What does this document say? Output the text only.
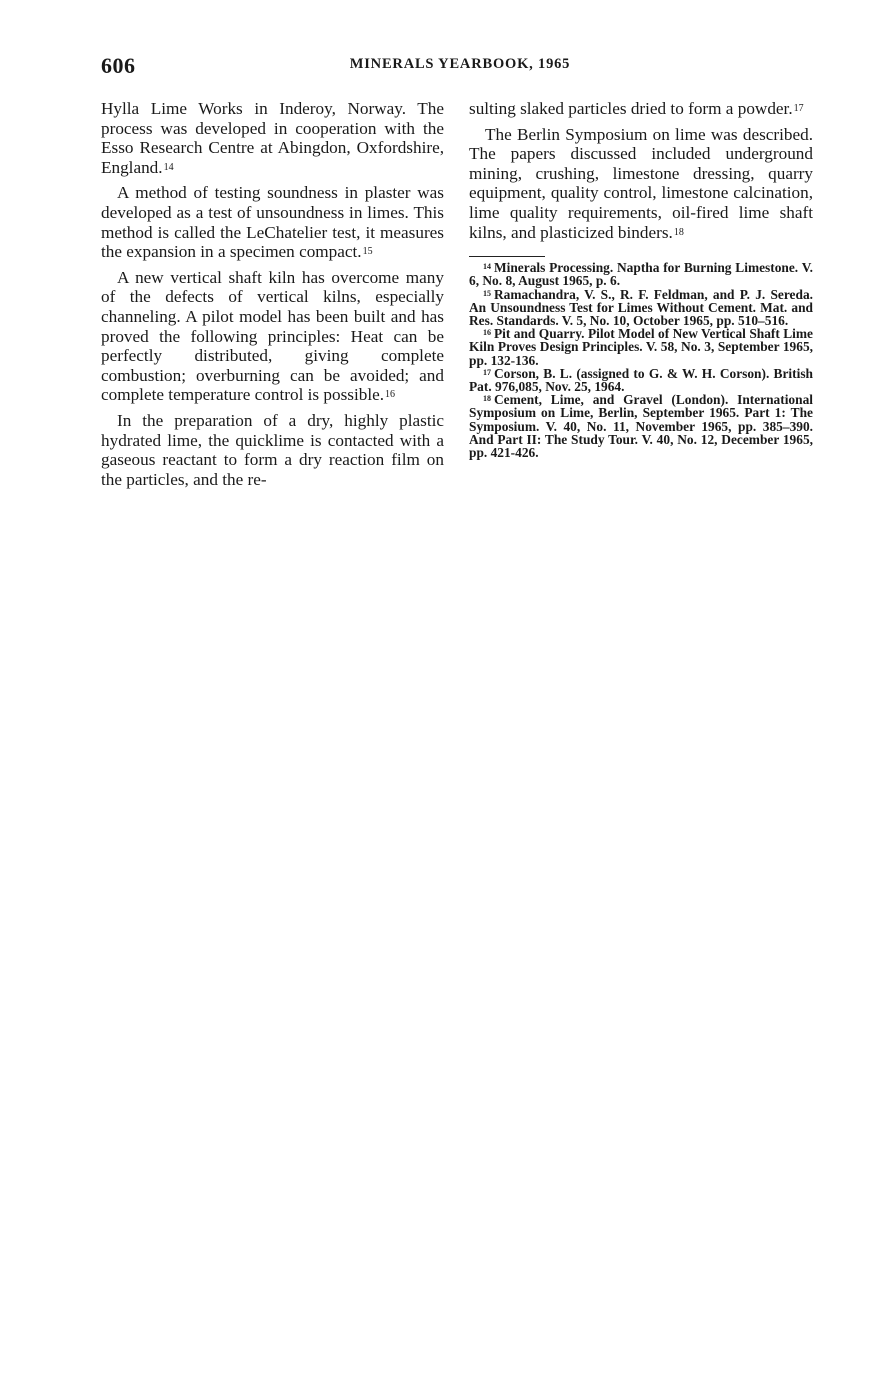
606	MINERALS YEARBOOK, 1965

Hylla Lime Works in Inderoy, Norway. The process was developed in cooperation with the Esso Research Centre at Abingdon, Oxfordshire, England.$^{14}$

A method of testing soundness in plaster was developed as a test of unsoundness in limes. This method is called the LeChatelier test, it measures the expansion in a specimen compact.$^{15}$

A new vertical shaft kiln has overcome many of the defects of vertical kilns, especially channeling. A pilot model has been built and has proved the following principles: Heat can be perfectly distributed, giving complete combustion; overburning can be avoided; and complete temperature control is possible.$^{16}$

In the preparation of a dry, highly plastic hydrated lime, the quicklime is contacted with a gaseous reactant to form a dry reaction film on the particles, and the re-

sulting slaked particles dried to form a powder.$^{17}$

The Berlin Symposium on lime was described. The papers discussed included underground mining, crushing, limestone dressing, quarry equipment, quality control, limestone calcination, lime quality requirements, oil-fired lime shaft kilns, and plasticized binders.$^{18}$

$^{14}$ Minerals Processing. Naptha for Burning Limestone. V. 6, No. 8, August 1965, p. 6.

$^{15}$ Ramachandra, V. S., R. F. Feldman, and P. J. Sereda. An Unsoundness Test for Limes Without Cement. Mat. and Res. Standards. V. 5, No. 10, October 1965, pp. 510–516.

$^{16}$ Pit and Quarry. Pilot Model of New Vertical Shaft Lime Kiln Proves Design Principles. V. 58, No. 3, September 1965, pp. 132-136.

$^{17}$ Corson, B. L. (assigned to G. & W. H. Corson). British Pat. 976,085, Nov. 25, 1964.

$^{18}$ Cement, Lime, and Gravel (London). International Symposium on Lime, Berlin, September 1965. Part 1: The Symposium. V. 40, No. 11, November 1965, pp. 385–390. And Part II: The Study Tour. V. 40, No. 12, December 1965, pp. 421-426.
